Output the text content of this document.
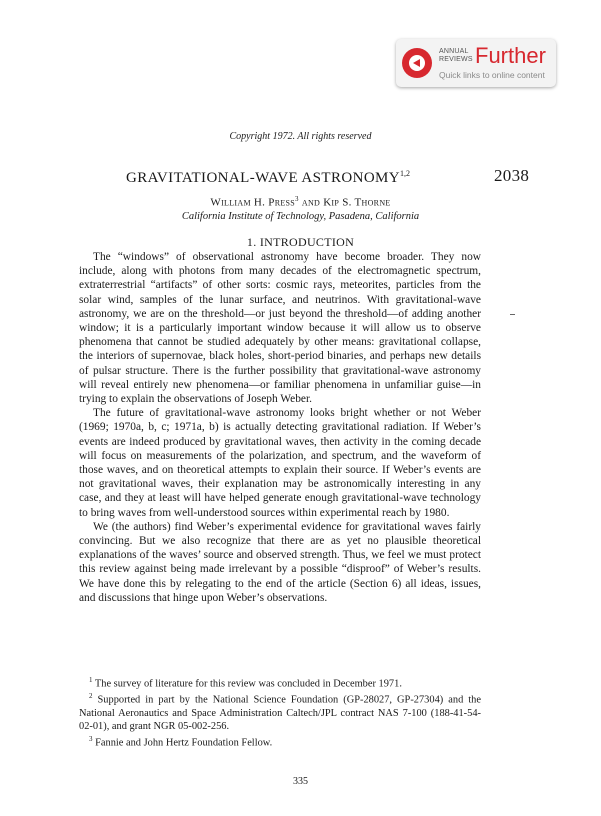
ANNUAL REVIEWS Further
Quick links to online content
Copyright 1972. All rights reserved
GRAVITATIONAL-WAVE ASTRONOMY$^{1,2}$	2038
William H. Press$^3$ and Kip S. Thorne
California Institute of Technology, Pasadena, California
1. INTRODUCTION

The “windows” of observational astronomy have become broader. They now include, along with photons from many decades of the electromagnetic spectrum, extraterrestrial “artifacts” of other sorts: cosmic rays, meteorites, particles from the solar wind, samples of the lunar surface, and neutrinos. With gravitational-wave astronomy, we are on the threshold—or just beyond the threshold—of adding another window; it is a particularly important window because it will allow us to observe phenomena that cannot be studied adequately by other means: gravitational collapse, the interiors of supernovae, black holes, short-period binaries, and perhaps new details of pulsar structure. There is the further possibility that gravitational-wave astronomy will reveal entirely new phenomena—or familiar phenomena in unfamiliar guise—in trying to explain the observations of Joseph Weber.

The future of gravitational-wave astronomy looks bright whether or not Weber (1969; 1970a, b, c; 1971a, b) is actually detecting gravitational radiation. If Weber’s events are indeed produced by gravitational waves, then activity in the coming decade will focus on measurements of the polarization, and spectrum, and the waveform of those waves, and on theoretical attempts to explain their source. If Weber’s events are not gravitational waves, their explanation may be astronomically interesting in any case, and they at least will have helped generate enough gravitational-wave technology to bring waves from well-understood sources within experimental reach by 1980.

We (the authors) find Weber’s experimental evidence for gravitational waves fairly convincing. But we also recognize that there are as yet no plausible theoretical explanations of the waves’ source and observed strength. Thus, we feel we must protect this review against being made irrelevant by a possible “disproof” of Weber’s results. We have done this by relegating to the end of the article (Section 6) all ideas, issues, and discussions that hinge upon Weber’s observations.

$^1$ The survey of literature for this review was concluded in December 1971.

$^2$ Supported in part by the National Science Foundation (GP-28027, GP-27304) and the National Aeronautics and Space Administration Caltech/JPL contract NAS 7-100 (188-41-54-02-01), and grant NGR 05-002-256.

$^3$ Fannie and John Hertz Foundation Fellow.

335
